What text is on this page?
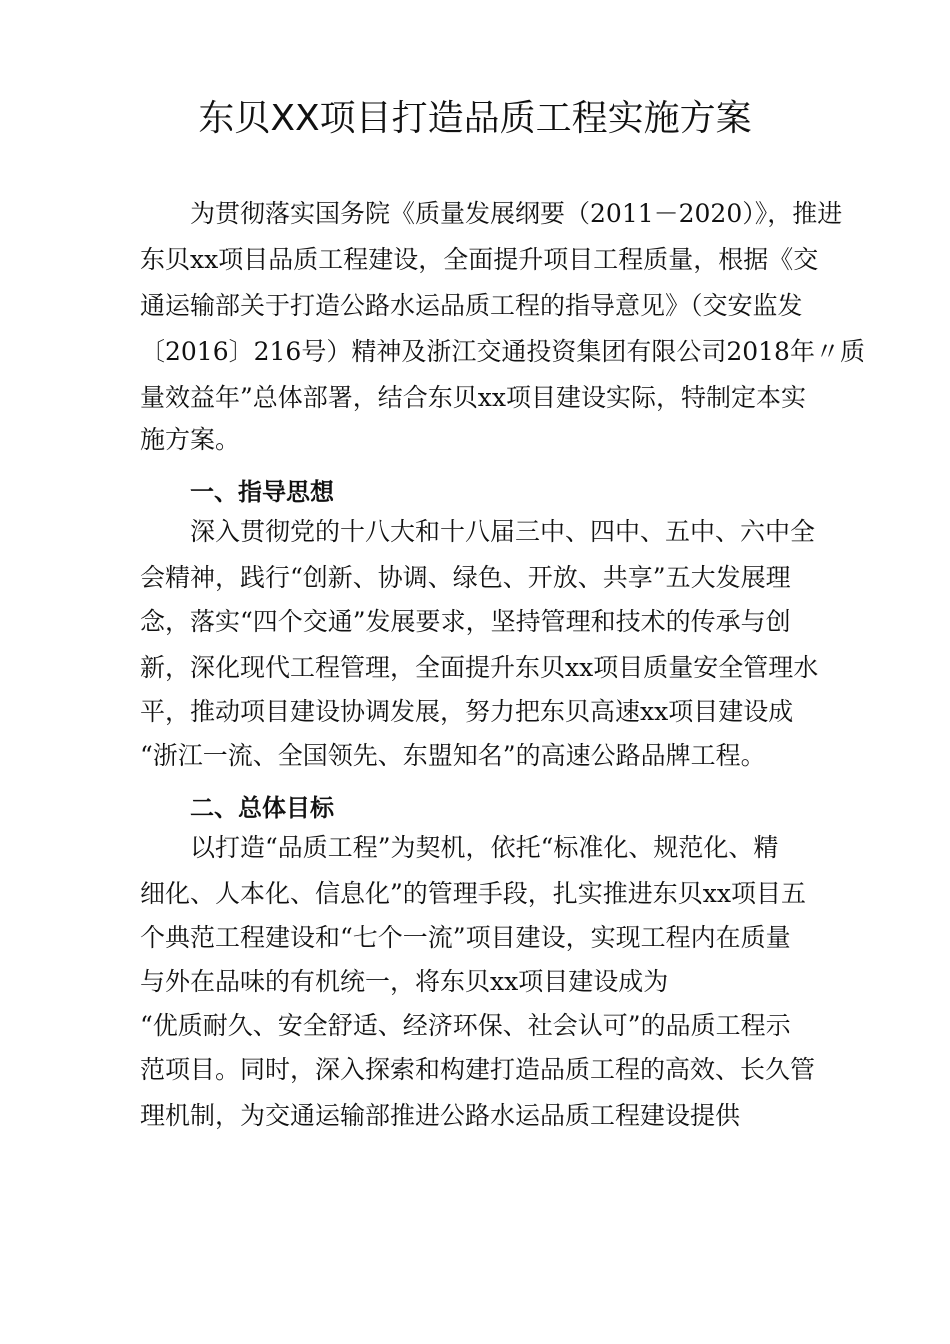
东贝XX项目打造品质工程实施方案

为贯彻落实国务院《质量发展纲要（2011－2020）》，推进

东贝xx项目品质工程建设，全面提升项目工程质量，根据《交

通运输部关于打造公路水运品质工程的指导意见》（交安监发

〔2016〕216号）精神及浙江交通投资集团有限公司2018年〃质

量效益年”总体部署，结合东贝xx项目建设实际，特制定本实

施方案。

一、指导思想

深入贯彻党的十八大和十八届三中、四中、五中、六中全

会精神，践行“创新、协调、绿色、开放、共享”五大发展理

念，落实“四个交通”发展要求，坚持管理和技术的传承与创

新，深化现代工程管理，全面提升东贝xx项目质量安全管理水

平，推动项目建设协调发展，努力把东贝高速xx项目建设成

“浙江一流、全国领先、东盟知名”的高速公路品牌工程。

二、总体目标

以打造“品质工程”为契机，依托“标准化、规范化、精

细化、人本化、信息化”的管理手段，扎实推进东贝xx项目五

个典范工程建设和“七个一流”项目建设，实现工程内在质量

与外在品味的有机统一，将东贝xx项目建设成为

“优质耐久、安全舒适、经济环保、社会认可”的品质工程示

范项目。同时，深入探索和构建打造品质工程的高效、长久管

理机制，为交通运输部推进公路水运品质工程建设提供
